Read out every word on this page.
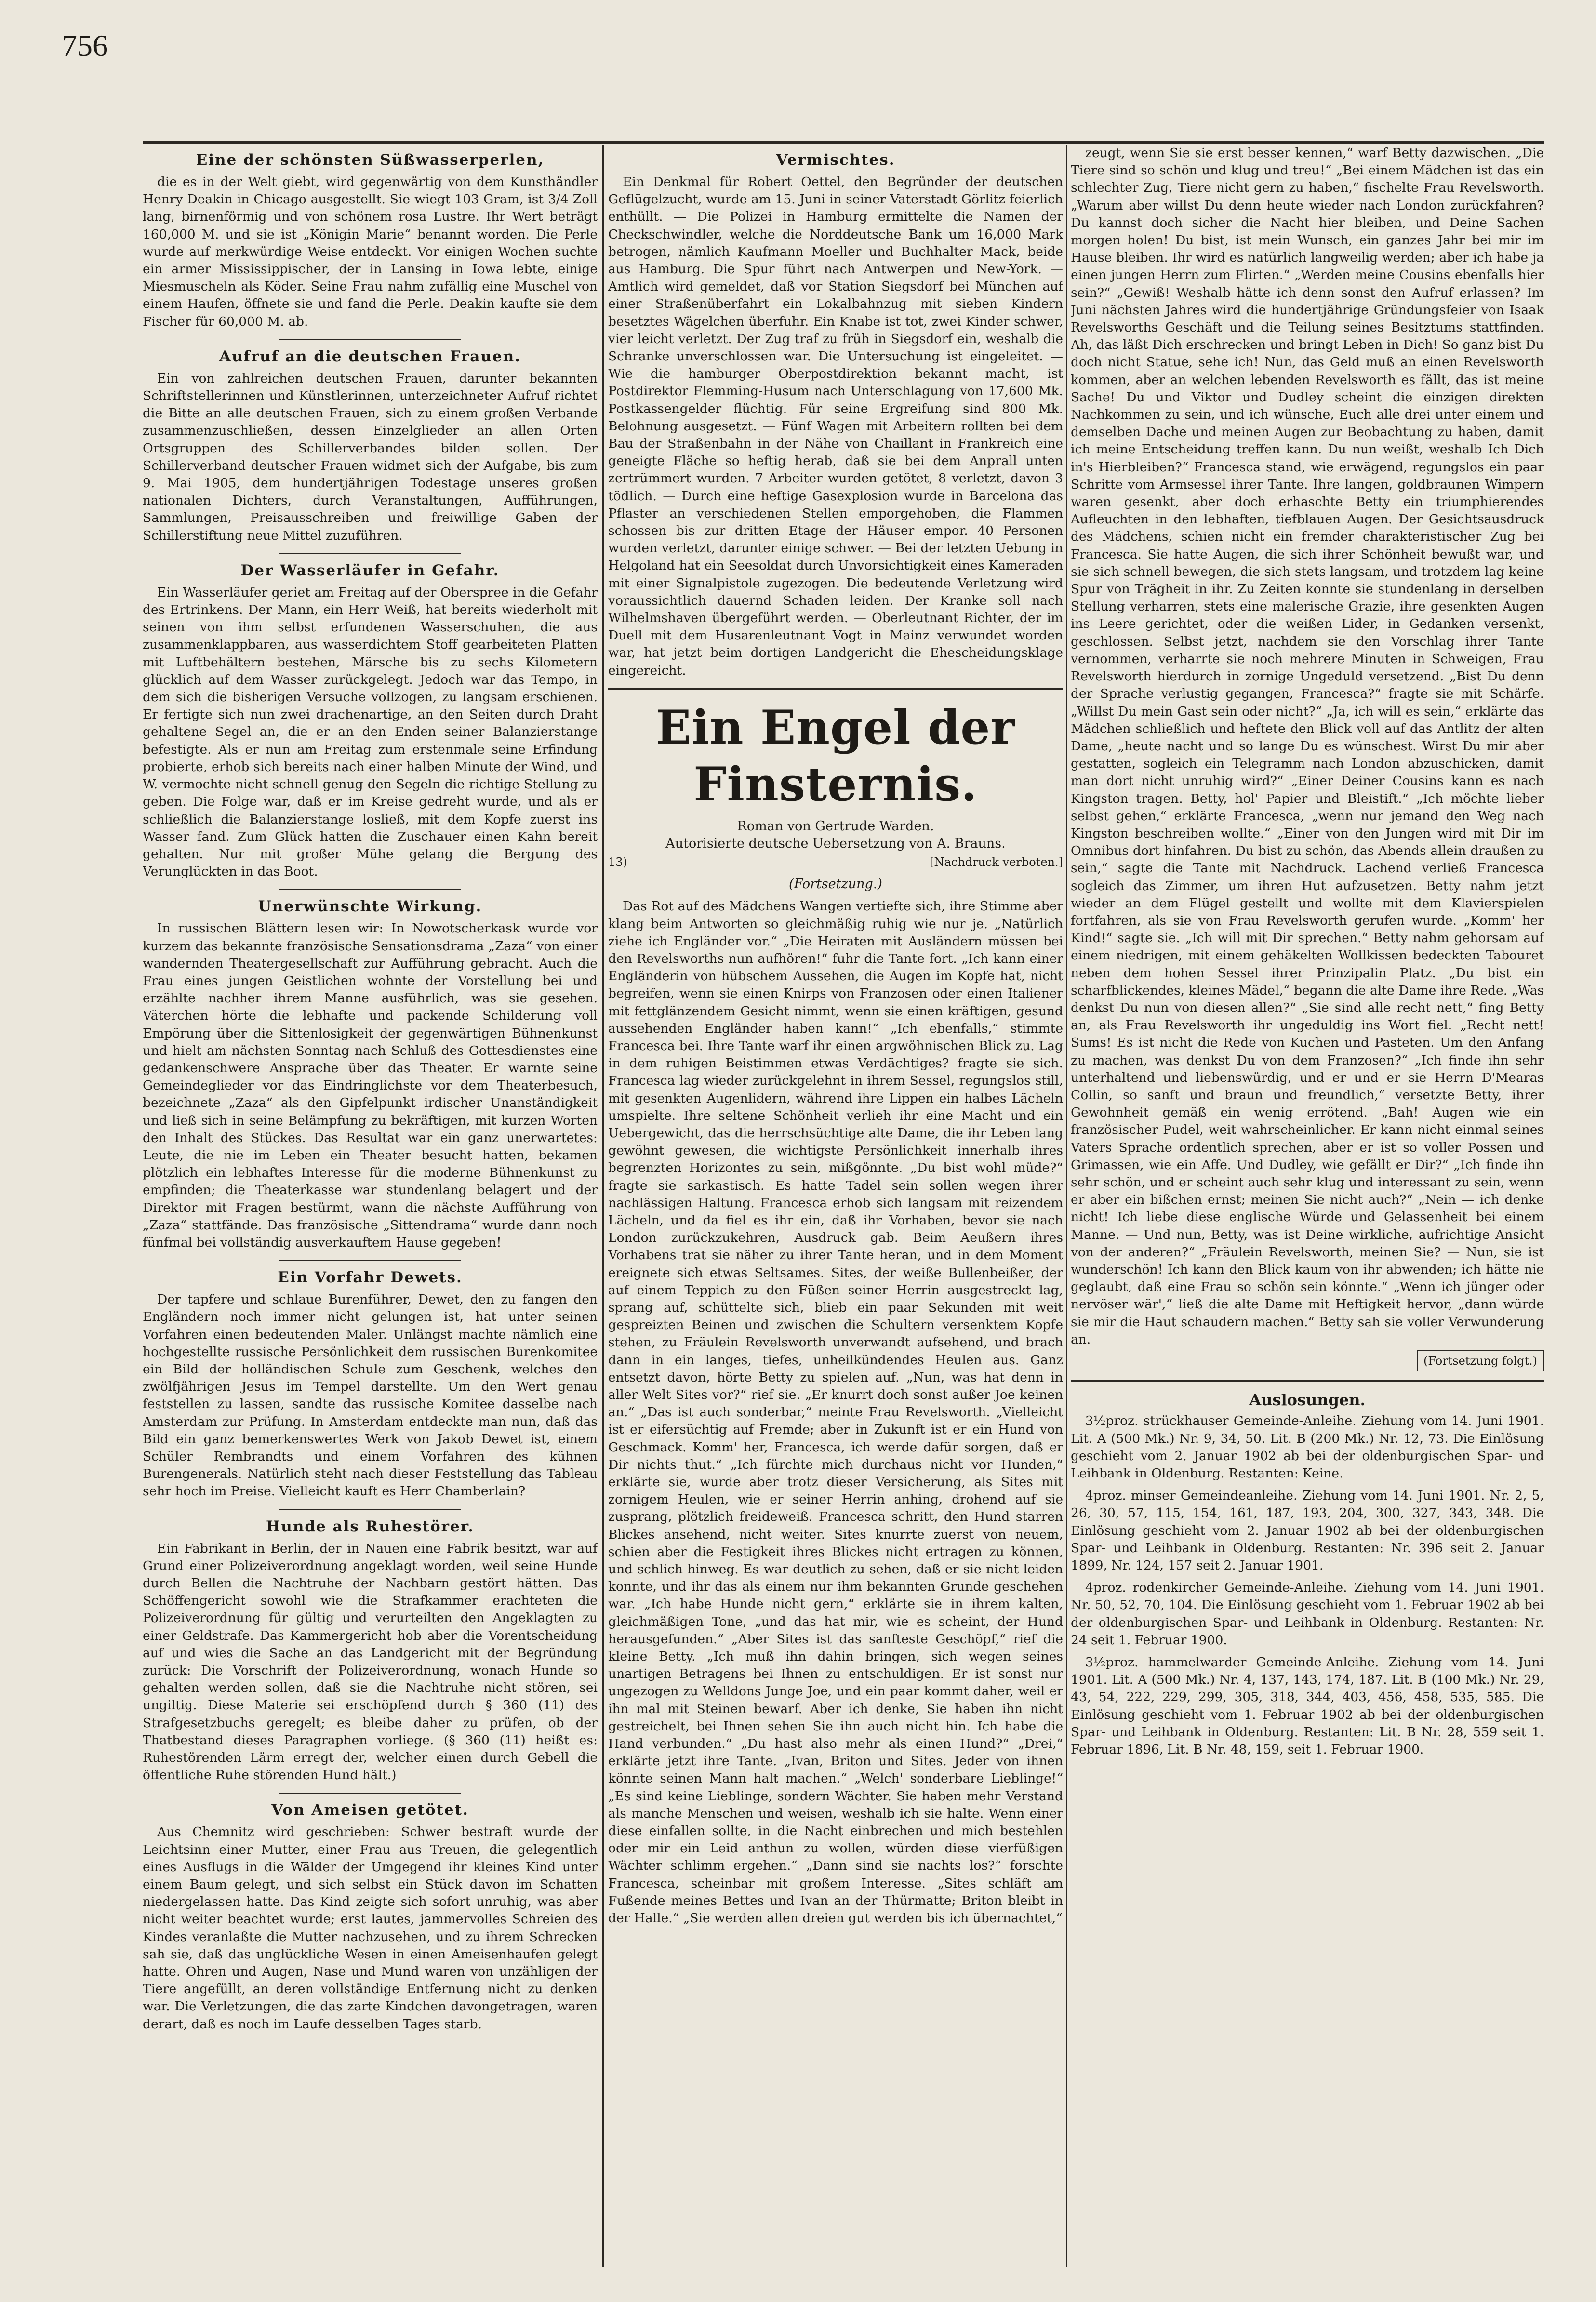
756
Eine der schönsten Süßwasserperlen,

die es in der Welt giebt, wird gegenwärtig von dem Kunsthändler Henry Deakin in Chicago ausgestellt. Sie wiegt 103 Gram, ist 3/4 Zoll lang, birnenförmig und von schönem rosa Lustre. Ihr Wert beträgt 160,000 M. und sie ist „Königin Marie“ benannt worden. Die Perle wurde auf merkwürdige Weise entdeckt. Vor einigen Wochen suchte ein armer Mississippischer, der in Lansing in Iowa lebte, einige Miesmuscheln als Köder. Seine Frau nahm zufällig eine Muschel von einem Haufen, öffnete sie und fand die Perle. Deakin kaufte sie dem Fischer für 60,000 M. ab.

Aufruf an die deutschen Frauen.

Ein von zahlreichen deutschen Frauen, darunter bekannten Schriftstellerinnen und Künstlerinnen, unterzeichneter Aufruf richtet die Bitte an alle deutschen Frauen, sich zu einem großen Verbande zusammenzuschließen, dessen Einzelglieder an allen Orten Ortsgruppen des Schillerverbandes bilden sollen. Der Schillerverband deutscher Frauen widmet sich der Aufgabe, bis zum 9. Mai 1905, dem hundertjährigen Todestage unseres großen nationalen Dichters, durch Veranstaltungen, Aufführungen, Sammlungen, Preisausschreiben und freiwillige Gaben der Schillerstiftung neue Mittel zuzuführen.

Der Wasserläufer in Gefahr.

Ein Wasserläufer geriet am Freitag auf der Oberspree in die Gefahr des Ertrinkens. Der Mann, ein Herr Weiß, hat bereits wiederholt mit seinen von ihm selbst erfundenen Wasserschuhen, die aus zusammenklappbaren, aus wasserdichtem Stoff gearbeiteten Platten mit Luftbehältern bestehen, Märsche bis zu sechs Kilometern glücklich auf dem Wasser zurückgelegt. Jedoch war das Tempo, in dem sich die bisherigen Versuche vollzogen, zu langsam erschienen. Er fertigte sich nun zwei drachenartige, an den Seiten durch Draht gehaltene Segel an, die er an den Enden seiner Balanzierstange befestigte. Als er nun am Freitag zum erstenmale seine Erfindung probierte, erhob sich bereits nach einer halben Minute der Wind, und W. vermochte nicht schnell genug den Segeln die richtige Stellung zu geben. Die Folge war, daß er im Kreise gedreht wurde, und als er schließlich die Balanzierstange losließ, mit dem Kopfe zuerst ins Wasser fand. Zum Glück hatten die Zuschauer einen Kahn bereit gehalten. Nur mit großer Mühe gelang die Bergung des Verunglückten in das Boot.

Unerwünschte Wirkung.

In russischen Blättern lesen wir: In Nowotscherkask wurde vor kurzem das bekannte französische Sensationsdrama „Zaza“ von einer wandernden Theatergesellschaft zur Aufführung gebracht. Auch die Frau eines jungen Geistlichen wohnte der Vorstellung bei und erzählte nachher ihrem Manne ausführlich, was sie gesehen. Väterchen hörte die lebhafte und packende Schilderung voll Empörung über die Sittenlosigkeit der gegenwärtigen Bühnenkunst und hielt am nächsten Sonntag nach Schluß des Gottesdienstes eine gedankenschwere Ansprache über das Theater. Er warnte seine Gemeindeglieder vor das Eindringlichste vor dem Theaterbesuch, bezeichnete „Zaza“ als den Gipfelpunkt irdischer Unanständigkeit und ließ sich in seine Belämpfung zu bekräftigen, mit kurzen Worten den Inhalt des Stückes. Das Resultat war ein ganz unerwartetes: Leute, die nie im Leben ein Theater besucht hatten, bekamen plötzlich ein lebhaftes Interesse für die moderne Bühnenkunst zu empfinden; die Theaterkasse war stundenlang belagert und der Direktor mit Fragen bestürmt, wann die nächste Aufführung von „Zaza“ stattfände. Das französische „Sittendrama“ wurde dann noch fünfmal bei vollständig ausverkauftem Hause gegeben!

Ein Vorfahr Dewets.

Der tapfere und schlaue Burenführer, Dewet, den zu fangen den Engländern noch immer nicht gelungen ist, hat unter seinen Vorfahren einen bedeutenden Maler. Unlängst machte nämlich eine hochgestellte russische Persönlichkeit dem russischen Burenkomitee ein Bild der holländischen Schule zum Geschenk, welches den zwölfjährigen Jesus im Tempel darstellte. Um den Wert genau feststellen zu lassen, sandte das russische Komitee dasselbe nach Amsterdam zur Prüfung. In Amsterdam entdeckte man nun, daß das Bild ein ganz bemerkenswertes Werk von Jakob Dewet ist, einem Schüler Rembrandts und einem Vorfahren des kühnen Burengenerals. Natürlich steht nach dieser Feststellung das Tableau sehr hoch im Preise. Vielleicht kauft es Herr Chamberlain?

Hunde als Ruhestörer.

Ein Fabrikant in Berlin, der in Nauen eine Fabrik besitzt, war auf Grund einer Polizeiverordnung angeklagt worden, weil seine Hunde durch Bellen die Nachtruhe der Nachbarn gestört hätten. Das Schöffengericht sowohl wie die Strafkammer erachteten die Polizeiverordnung für gültig und verurteilten den Angeklagten zu einer Geldstrafe. Das Kammergericht hob aber die Vorentscheidung auf und wies die Sache an das Landgericht mit der Begründung zurück: Die Vorschrift der Polizeiverordnung, wonach Hunde so gehalten werden sollen, daß sie die Nachtruhe nicht stören, sei ungiltig. Diese Materie sei erschöpfend durch § 360 (11) des Strafgesetzbuchs geregelt; es bleibe daher zu prüfen, ob der Thatbestand dieses Paragraphen vorliege. (§ 360 (11) heißt es: Ruhestörenden Lärm erregt der, welcher einen durch Gebell die öffentliche Ruhe störenden Hund hält.)

Von Ameisen getötet.

Aus Chemnitz wird geschrieben: Schwer bestraft wurde der Leichtsinn einer Mutter, einer Frau aus Treuen, die gelegentlich eines Ausflugs in die Wälder der Umgegend ihr kleines Kind unter einem Baum gelegt, und sich selbst ein Stück davon im Schatten niedergelassen hatte. Das Kind zeigte sich sofort unruhig, was aber nicht weiter beachtet wurde; erst lautes, jammervolles Schreien des Kindes veranlaßte die Mutter nachzusehen, und zu ihrem Schrecken sah sie, daß das unglückliche Wesen in einen Ameisenhaufen gelegt hatte. Ohren und Augen, Nase und Mund waren von unzähligen der Tiere angefüllt, an deren vollständige Entfernung nicht zu denken war. Die Verletzungen, die das zarte Kindchen davongetragen, waren derart, daß es noch im Laufe desselben Tages starb.

Vermischtes.

Ein Denkmal für Robert Oettel, den Begründer der deutschen Geflügelzucht, wurde am 15. Juni in seiner Vaterstadt Görlitz feierlich enthüllt. — Die Polizei in Hamburg ermittelte die Namen der Checkschwindler, welche die Norddeutsche Bank um 16,000 Mark betrogen, nämlich Kaufmann Moeller und Buchhalter Mack, beide aus Hamburg. Die Spur führt nach Antwerpen und New-York. — Amtlich wird gemeldet, daß vor Station Siegsdorf bei München auf einer Straßenüberfahrt ein Lokalbahnzug mit sieben Kindern besetztes Wägelchen überfuhr. Ein Knabe ist tot, zwei Kinder schwer, vier leicht verletzt. Der Zug traf zu früh in Siegsdorf ein, weshalb die Schranke unverschlossen war. Die Untersuchung ist eingeleitet. — Wie die hamburger Oberpostdirektion bekannt macht, ist Postdirektor Flemming-Husum nach Unterschlagung von 17,600 Mk. Postkassengelder flüchtig. Für seine Ergreifung sind 800 Mk. Belohnung ausgesetzt. — Fünf Wagen mit Arbeitern rollten bei dem Bau der Straßenbahn in der Nähe von Chaillant in Frankreich eine geneigte Fläche so heftig herab, daß sie bei dem Anprall unten zertrümmert wurden. 7 Arbeiter wurden getötet, 8 verletzt, davon 3 tödlich. — Durch eine heftige Gasexplosion wurde in Barcelona das Pflaster an verschiedenen Stellen emporgehoben, die Flammen schossen bis zur dritten Etage der Häuser empor. 40 Personen wurden verletzt, darunter einige schwer. — Bei der letzten Uebung in Helgoland hat ein Seesoldat durch Unvorsichtigkeit eines Kameraden mit einer Signalpistole zugezogen. Die bedeutende Verletzung wird voraussichtlich dauernd Schaden leiden. Der Kranke soll nach Wilhelmshaven übergeführt werden. — Oberleutnant Richter, der im Duell mit dem Husarenleutnant Vogt in Mainz verwundet worden war, hat jetzt beim dortigen Landgericht die Ehescheidungsklage eingereicht.

Ein Engel der Finsternis.
Roman von Gertrude Warden.
Autorisierte deutsche Uebersetzung von A. Brauns.
13)	[Nachdruck verboten.]
(Fortsetzung.)

Das Rot auf des Mädchens Wangen vertiefte sich, ihre Stimme aber klang beim Antworten so gleichmäßig ruhig wie nur je. „Natürlich ziehe ich Engländer vor.“ „Die Heiraten mit Ausländern müssen bei den Revelsworths nun aufhören!“ fuhr die Tante fort. „Ich kann einer Engländerin von hübschem Aussehen, die Augen im Kopfe hat, nicht begreifen, wenn sie einen Knirps von Franzosen oder einen Italiener mit fettglänzendem Gesicht nimmt, wenn sie einen kräftigen, gesund aussehenden Engländer haben kann!“ „Ich ebenfalls,“ stimmte Francesca bei. Ihre Tante warf ihr einen argwöhnischen Blick zu. Lag in dem ruhigen Beistimmen etwas Verdächtiges? fragte sie sich. Francesca lag wieder zurückgelehnt in ihrem Sessel, regungslos still, mit gesenkten Augenlidern, während ihre Lippen ein halbes Lächeln umspielte. Ihre seltene Schönheit verlieh ihr eine Macht und ein Uebergewicht, das die herrschsüchtige alte Dame, die ihr Leben lang gewöhnt gewesen, die wichtigste Persönlichkeit innerhalb ihres begrenzten Horizontes zu sein, mißgönnte. „Du bist wohl müde?“ fragte sie sarkastisch. Es hatte Tadel sein sollen wegen ihrer nachlässigen Haltung. Francesca erhob sich langsam mit reizendem Lächeln, und da fiel es ihr ein, daß ihr Vorhaben, bevor sie nach London zurückzukehren, Ausdruck gab. Beim Aeußern ihres Vorhabens trat sie näher zu ihrer Tante heran, und in dem Moment ereignete sich etwas Seltsames. Sites, der weiße Bullenbeißer, der auf einem Teppich zu den Füßen seiner Herrin ausgestreckt lag, sprang auf, schüttelte sich, blieb ein paar Sekunden mit weit gespreizten Beinen und zwischen die Schultern versenktem Kopfe stehen, zu Fräulein Revelsworth unverwandt aufsehend, und brach dann in ein langes, tiefes, unheilkündendes Heulen aus. Ganz entsetzt davon, hörte Betty zu spielen auf. „Nun, was hat denn in aller Welt Sites vor?“ rief sie. „Er knurrt doch sonst außer Joe keinen an.“ „Das ist auch sonderbar,“ meinte Frau Revelsworth. „Vielleicht ist er eifersüchtig auf Fremde; aber in Zukunft ist er ein Hund von Geschmack. Komm' her, Francesca, ich werde dafür sorgen, daß er Dir nichts thut.“ „Ich fürchte mich durchaus nicht vor Hunden,“ erklärte sie, wurde aber trotz dieser Versicherung, als Sites mit zornigem Heulen, wie er seiner Herrin anhing, drohend auf sie zusprang, plötzlich freideweiß. Francesca schritt, den Hund starren Blickes ansehend, nicht weiter. Sites knurrte zuerst von neuem, schien aber die Festigkeit ihres Blickes nicht ertragen zu können, und schlich hinweg. Es war deutlich zu sehen, daß er sie nicht leiden konnte, und ihr das als einem nur ihm bekannten Grunde geschehen war. „Ich habe Hunde nicht gern,“ erklärte sie in ihrem kalten, gleichmäßigen Tone, „und das hat mir, wie es scheint, der Hund herausgefunden.“ „Aber Sites ist das sanfteste Geschöpf,“ rief die kleine Betty. „Ich muß ihn dahin bringen, sich wegen seines unartigen Betragens bei Ihnen zu entschuldigen. Er ist sonst nur ungezogen zu Welldons Junge Joe, und ein paar kommt daher, weil er ihn mal mit Steinen bewarf. Aber ich denke, Sie haben ihn nicht gestreichelt, bei Ihnen sehen Sie ihn auch nicht hin. Ich habe die Hand verbunden.“ „Du hast also mehr als einen Hund?“ „Drei,“ erklärte jetzt ihre Tante. „Ivan, Briton und Sites. Jeder von ihnen könnte seinen Mann halt machen.“ „Welch' sonderbare Lieblinge!“ „Es sind keine Lieblinge, sondern Wächter. Sie haben mehr Verstand als manche Menschen und weisen, weshalb ich sie halte. Wenn einer diese einfallen sollte, in die Nacht einbrechen und mich bestehlen oder mir ein Leid anthun zu wollen, würden diese vierfüßigen Wächter schlimm ergehen.“ „Dann sind sie nachts los?“ forschte Francesca, scheinbar mit großem Interesse. „Sites schläft am Fußende meines Bettes und Ivan an der Thürmatte; Briton bleibt in der Halle.“ „Sie werden allen dreien gut werden bis ich übernachtet,“

zeugt, wenn Sie sie erst besser kennen,“ warf Betty dazwischen. „Die Tiere sind so schön und klug und treu!“ „Bei einem Mädchen ist das ein schlechter Zug, Tiere nicht gern zu haben,“ fischelte Frau Revelsworth. „Warum aber willst Du denn heute wieder nach London zurückfahren? Du kannst doch sicher die Nacht hier bleiben, und Deine Sachen morgen holen! Du bist, ist mein Wunsch, ein ganzes Jahr bei mir im Hause bleiben. Ihr wird es natürlich langweilig werden; aber ich habe ja einen jungen Herrn zum Flirten.“ „Werden meine Cousins ebenfalls hier sein?“ „Gewiß! Weshalb hätte ich denn sonst den Aufruf erlassen? Im Juni nächsten Jahres wird die hundertjährige Gründungsfeier von Isaak Revelsworths Geschäft und die Teilung seines Besitztums stattfinden. Ah, das läßt Dich erschrecken und bringt Leben in Dich! So ganz bist Du doch nicht Statue, sehe ich! Nun, das Geld muß an einen Revelsworth kommen, aber an welchen lebenden Revelsworth es fällt, das ist meine Sache! Du und Viktor und Dudley scheint die einzigen direkten Nachkommen zu sein, und ich wünsche, Euch alle drei unter einem und demselben Dache und meinen Augen zur Beobachtung zu haben, damit ich meine Entscheidung treffen kann. Du nun weißt, weshalb Ich Dich in's Hierbleiben?“ Francesca stand, wie erwägend, regungslos ein paar Schritte vom Armsessel ihrer Tante. Ihre langen, goldbraunen Wimpern waren gesenkt, aber doch erhaschte Betty ein triumphierendes Aufleuchten in den lebhaften, tiefblauen Augen. Der Gesichtsausdruck des Mädchens, schien nicht ein fremder charakteristischer Zug bei Francesca. Sie hatte Augen, die sich ihrer Schönheit bewußt war, und sie sich schnell bewegen, die sich stets langsam, und trotzdem lag keine Spur von Trägheit in ihr. Zu Zeiten konnte sie stundenlang in derselben Stellung verharren, stets eine malerische Grazie, ihre gesenkten Augen ins Leere gerichtet, oder die weißen Lider, in Gedanken versenkt, geschlossen. Selbst jetzt, nachdem sie den Vorschlag ihrer Tante vernommen, verharrte sie noch mehrere Minuten in Schweigen, Frau Revelsworth hierdurch in zornige Ungeduld versetzend. „Bist Du denn der Sprache verlustig gegangen, Francesca?“ fragte sie mit Schärfe. „Willst Du mein Gast sein oder nicht?“ „Ja, ich will es sein,“ erklärte das Mädchen schließlich und heftete den Blick voll auf das Antlitz der alten Dame, „heute nacht und so lange Du es wünschest. Wirst Du mir aber gestatten, sogleich ein Telegramm nach London abzuschicken, damit man dort nicht unruhig wird?“ „Einer Deiner Cousins kann es nach Kingston tragen. Betty, hol' Papier und Bleistift.“ „Ich möchte lieber selbst gehen,“ erklärte Francesca, „wenn nur jemand den Weg nach Kingston beschreiben wollte.“ „Einer von den Jungen wird mit Dir im Omnibus dort hinfahren. Du bist zu schön, das Abends allein draußen zu sein,“ sagte die Tante mit Nachdruck. Lachend verließ Francesca sogleich das Zimmer, um ihren Hut aufzusetzen. Betty nahm jetzt wieder an dem Flügel gestellt und wollte mit dem Klavierspielen fortfahren, als sie von Frau Revelsworth gerufen wurde. „Komm' her Kind!“ sagte sie. „Ich will mit Dir sprechen.“ Betty nahm gehorsam auf einem niedrigen, mit einem gehäkelten Wollkissen bedeckten Tabouret neben dem hohen Sessel ihrer Prinzipalin Platz. „Du bist ein scharfblickendes, kleines Mädel,“ begann die alte Dame ihre Rede. „Was denkst Du nun von diesen allen?“ „Sie sind alle recht nett,“ fing Betty an, als Frau Revelsworth ihr ungeduldig ins Wort fiel. „Recht nett! Sums! Es ist nicht die Rede von Kuchen und Pasteten. Um den Anfang zu machen, was denkst Du von dem Franzosen?“ „Ich finde ihn sehr unterhaltend und liebenswürdig, und er und er sie Herrn D'Mearas Collin, so sanft und braun und freundlich,“ versetzte Betty, ihrer Gewohnheit gemäß ein wenig errötend. „Bah! Augen wie ein französischer Pudel, weit wahrscheinlicher. Er kann nicht einmal seines Vaters Sprache ordentlich sprechen, aber er ist so voller Possen und Grimassen, wie ein Affe. Und Dudley, wie gefällt er Dir?“ „Ich finde ihn sehr schön, und er scheint auch sehr klug und interessant zu sein, wenn er aber ein bißchen ernst; meinen Sie nicht auch?“ „Nein — ich denke nicht! Ich liebe diese englische Würde und Gelassenheit bei einem Manne. — Und nun, Betty, was ist Deine wirkliche, aufrichtige Ansicht von der anderen?“ „Fräulein Revelsworth, meinen Sie? — Nun, sie ist wunderschön! Ich kann den Blick kaum von ihr abwenden; ich hätte nie geglaubt, daß eine Frau so schön sein könnte.“ „Wenn ich jünger oder nervöser wär',“ ließ die alte Dame mit Heftigkeit hervor, „dann würde sie mir die Haut schaudern machen.“ Betty sah sie voller Verwunderung an.

(Fortsetzung folgt.)
Auslosungen.

3½proz. strückhauser Gemeinde-Anleihe. Ziehung vom 14. Juni 1901. Lit. A (500 Mk.) Nr. 9, 34, 50. Lit. B (200 Mk.) Nr. 12, 73. Die Einlösung geschieht vom 2. Januar 1902 ab bei der oldenburgischen Spar- und Leihbank in Oldenburg. Restanten: Keine.

4proz. minser Gemeindeanleihe. Ziehung vom 14. Juni 1901. Nr. 2, 5, 26, 30, 57, 115, 154, 161, 187, 193, 204, 300, 327, 343, 348. Die Einlösung geschieht vom 2. Januar 1902 ab bei der oldenburgischen Spar- und Leihbank in Oldenburg. Restanten: Nr. 396 seit 2. Januar 1899, Nr. 124, 157 seit 2. Januar 1901.

4proz. rodenkircher Gemeinde-Anleihe. Ziehung vom 14. Juni 1901. Nr. 50, 52, 70, 104. Die Einlösung geschieht vom 1. Februar 1902 ab bei der oldenburgischen Spar- und Leihbank in Oldenburg. Restanten: Nr. 24 seit 1. Februar 1900.

3½proz. hammelwarder Gemeinde-Anleihe. Ziehung vom 14. Juni 1901. Lit. A (500 Mk.) Nr. 4, 137, 143, 174, 187. Lit. B (100 Mk.) Nr. 29, 43, 54, 222, 229, 299, 305, 318, 344, 403, 456, 458, 535, 585. Die Einlösung geschieht vom 1. Februar 1902 ab bei der oldenburgischen Spar- und Leihbank in Oldenburg. Restanten: Lit. B Nr. 28, 559 seit 1. Februar 1896, Lit. B Nr. 48, 159, seit 1. Februar 1900.
